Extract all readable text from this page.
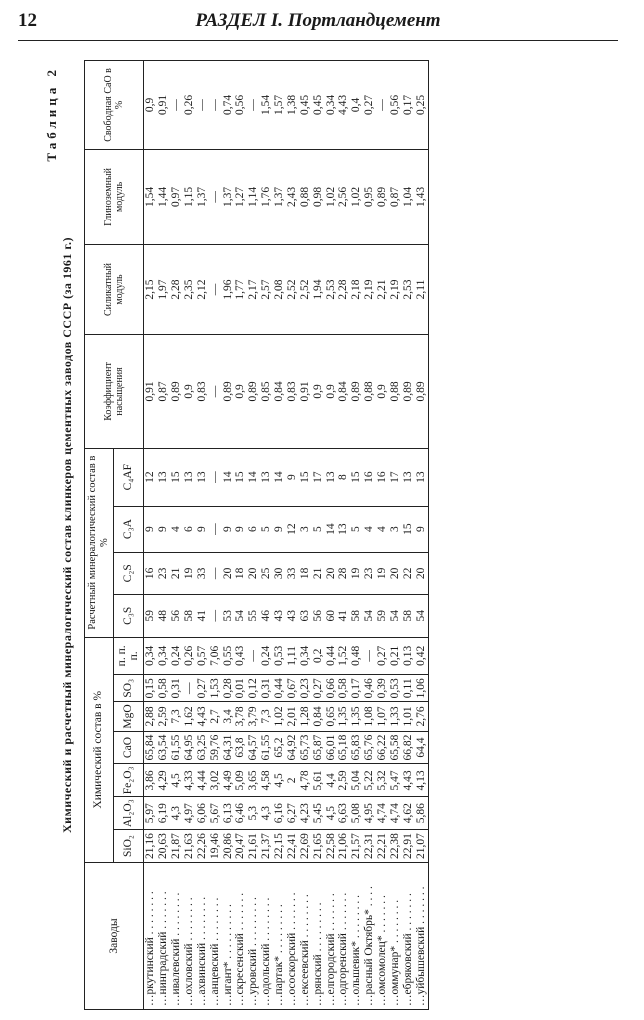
12	РАЗДЕЛ I. Портландцемент
Таблица 2
Химический и расчетный минералогический состав клинкеров цементных заводов СССР (за 1961 г.)
Заводы	Химический состав в %							Расчетный минералогический состав в %				Коэффициент насыщения	Силикатный модуль	Глиноземный модуль	Свободная CaO в %
	SiO₂	Al₂O₃	Fe₂O₃	CaO	MgO	SO₃	п. п. п.	C₃S	C₂S	C₃A	C₄AF				
…ркутинский . . . . . . . .	21,16	5,97	3,86	65,84	2,88	0,15	0,34	59	16	9	12	0,91	2,15	1,54	0,9
…нинградский . . . . . . .	20,63	6,19	4,29	63,54	2,59	0,58	0,34	48	23	9	13	0,87	1,97	1,44	0,91
…ивалевский . . . . . . . .	21,87	4,3	4,5	61,55	7,3	0,31	0,24	56	21	4	15	0,89	2,28	0,97	—
…охловский . . . . . . . .	21,63	4,97	4,33	64,95	1,62	—	0,26	58	19	6	13	0,9	2,35	1,15	0,26
…ахвинский . . . . . . . .	22,26	6,06	4,44	63,25	4,43	0,27	0,57	41	33	9	13	0,83	2,12	1,37	—
…анцевский . . . . . . . .	19,46	5,67	3,02	59,76	2,7	1,53	7,06	—	—	—	—	—	—	—	—
…игант* . . . . . . . . . .	20,86	6,13	4,49	64,31	3,4	0,28	0,55	53	20	9	14	0,89	1,96	1,37	0,74
…скресенский . . . . . . .	20,47	6,46	5,09	63,8	3,78	0,01	0,43	54	18	9	15	0,9	1,77	1,27	0,56
…уровский . . . . . . . . .	21,61	5,3	3,65	64,57	3,79	0,12	—	55	20	6	14	0,89	2,17	1,14	—
…одольский . . . . . . . .	21,37	4,3	4,58	61,55	7,3	0,31	0,24	46	25	5	13	0,85	2,57	1,76	1,54
…партак* . . . . . . . . .	22,15	6,16	4,5	65,2	1,02	0,44	0,53	43	30	9	14	0,84	2,08	1,37	1,57
…ососкорский . . . . . . .	22,41	6,27	2	64,92	2,01	0,67	1,11	43	33	12	9	0,83	2,52	2,43	1,38
…ексеевский . . . . . . . .	22,69	4,23	4,78	65,73	1,28	0,23	0,34	63	18	3	15	0,91	2,52	0,88	0,45
…рянский . . . . . . . . .	21,65	5,45	5,61	65,87	0,84	0,27	0,2	56	21	5	17	0,9	1,94	0,98	0,45
…елгородский . . . . . . .	22,58	4,5	4,4	66,01	0,65	0,66	0,44	60	20	14	13	0,9	2,53	1,02	0,34
…одгоренский . . . . . . .	21,06	6,63	2,59	65,18	1,35	0,58	1,52	41	28	13	8	0,84	2,28	2,56	4,43
…ольшевик* . . . . . . . .	21,57	5,08	5,04	65,83	1,35	0,17	0,48	58	19	5	15	0,89	2,18	1,02	0,4
…расный Октябрь* . . . .	22,31	4,95	5,22	65,76	1,08	0,46	—	54	23	4	16	0,88	2,19	0,95	0,27
…омсомолец* . . . . . . .	22,21	4,74	5,32	66,22	1,07	0,39	0,27	59	19	4	16	0,9	2,21	0,89	—
…оммунар* . . . . . . . .	22,38	4,74	5,47	65,58	1,33	0,53	0,21	54	20	3	17	0,88	2,19	0,87	0,56
…ебряковский . . . . . . .	22,91	4,62	4,43	66,82	1,01	0,11	0,13	58	22	15	13	0,89	2,53	1,04	0,17
…уйбышевский . . . . . . .	21,07	5,86	4,13	64,4	2,76	1,06	0,42	54	20	9	13	0,89	2,11	1,43	0,25
